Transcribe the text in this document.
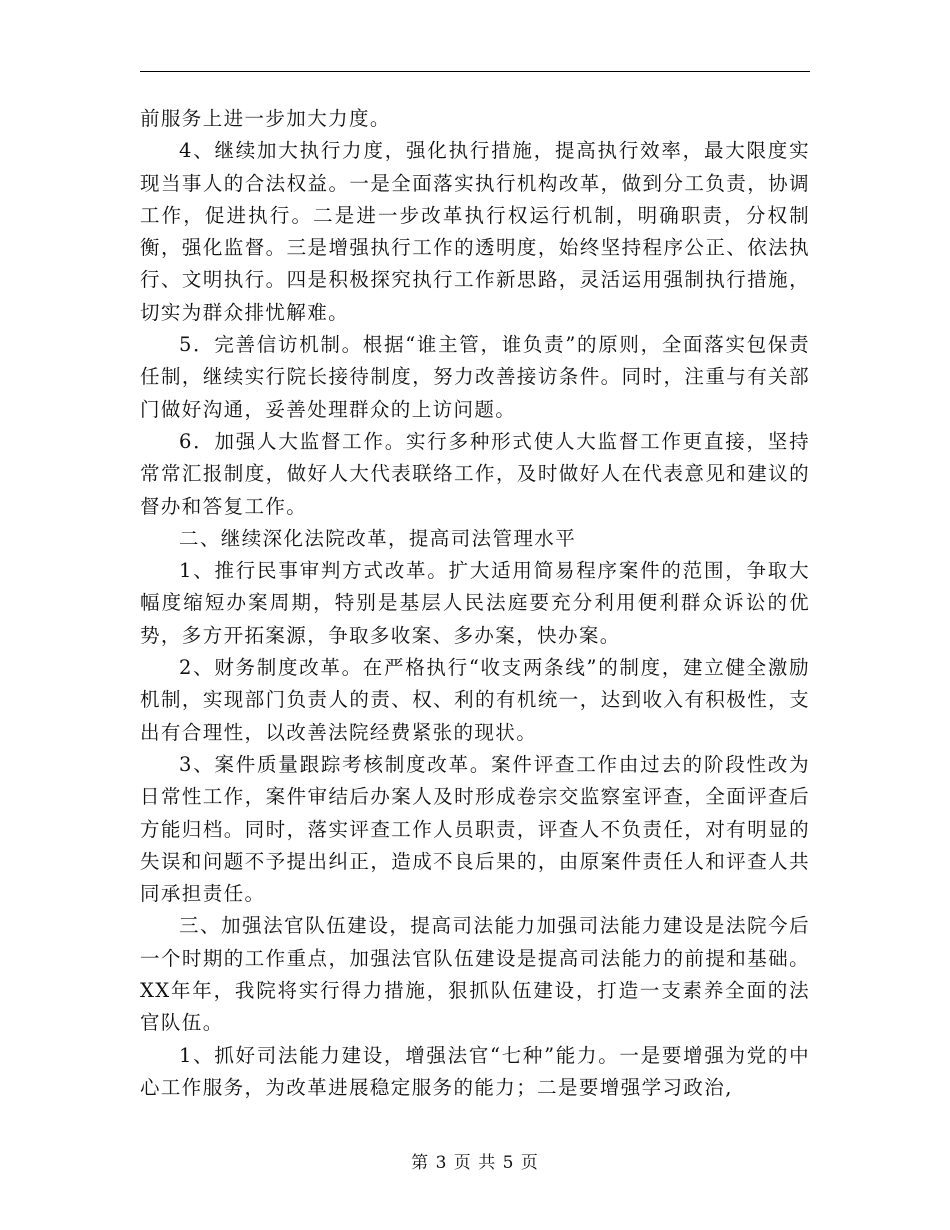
前服务上进一步加大力度。

4、继续加大执行力度，强化执行措施，提高执行效率，最大限度实现当事人的合法权益。一是全面落实执行机构改革，做到分工负责，协调工作，促进执行。二是进一步改革执行权运行机制，明确职责，分权制衡，强化监督。三是增强执行工作的透明度，始终坚持程序公正、依法执行、文明执行。四是积极探究执行工作新思路，灵活运用强制执行措施，切实为群众排忧解难。

5．完善信访机制。根据“谁主管，谁负责”的原则，全面落实包保责任制，继续实行院长接待制度，努力改善接访条件。同时，注重与有关部门做好沟通，妥善处理群众的上访问题。

6．加强人大监督工作。实行多种形式使人大监督工作更直接，坚持常常汇报制度，做好人大代表联络工作，及时做好人在代表意见和建议的督办和答复工作。

二、继续深化法院改革，提高司法管理水平

1、推行民事审判方式改革。扩大适用简易程序案件的范围，争取大幅度缩短办案周期，特别是基层人民法庭要充分利用便利群众诉讼的优势，多方开拓案源，争取多收案、多办案，快办案。

2、财务制度改革。在严格执行“收支两条线”的制度，建立健全激励机制，实现部门负责人的责、权、利的有机统一，达到收入有积极性，支出有合理性，以改善法院经费紧张的现状。

3、案件质量跟踪考核制度改革。案件评查工作由过去的阶段性改为日常性工作，案件审结后办案人及时形成卷宗交监察室评查，全面评查后方能归档。同时，落实评查工作人员职责，评查人不负责任，对有明显的失误和问题不予提出纠正，造成不良后果的，由原案件责任人和评查人共同承担责任。

三、加强法官队伍建设，提高司法能力加强司法能力建设是法院今后一个时期的工作重点，加强法官队伍建设是提高司法能力的前提和基础。XX年年，我院将实行得力措施，狠抓队伍建设，打造一支素养全面的法官队伍。

1、抓好司法能力建设，增强法官“七种”能力。一是要增强为党的中心工作服务，为改革进展稳定服务的能力；二是要增强学习政治,

第 3 页 共 5 页
